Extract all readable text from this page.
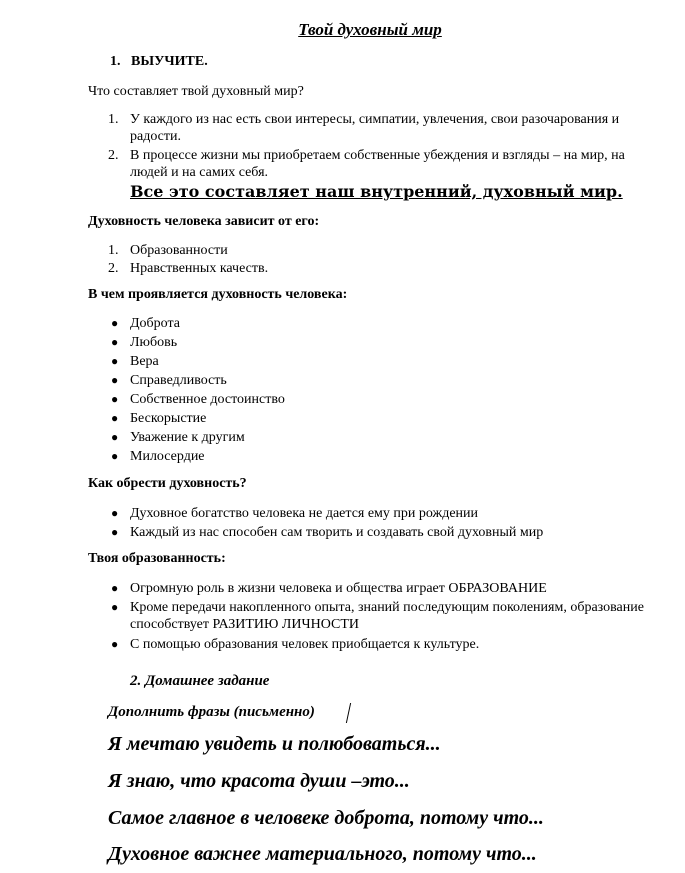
Твой духовный мир
1. ВЫУЧИТЕ.
Что составляет твой духовный мир?
1. У каждого из нас есть свои интересы, симпатии, увлечения, свои разочарования и радости.
2. В процессе жизни мы приобретаем собственные убеждения и взгляды – на мир, на людей и на самих себя.
Все это составляет наш внутренний, духовный мир.
Духовность человека зависит от его:
1. Образованности
2. Нравственных качеств.
В чем проявляется духовность человека:
● Доброта
● Любовь
● Вера
● Справедливость
● Собственное достоинство
● Бескорыстие
● Уважение к другим
● Милосердие
Как обрести духовность?
● Духовное богатство человека не дается ему при рождении
● Каждый из нас способен сам творить и создавать свой духовный мир
Твоя образованность:
● Огромную роль в жизни человека и общества играет ОБРАЗОВАНИЕ
● Кроме передачи накопленного опыта, знаний последующим поколениям, образование способствует РАЗИТИЮ ЛИЧНОСТИ
● С помощью образования человек приобщается к культуре.
2. Домашнее задание
Дополнить фразы (письменно)
Я мечтаю увидеть и полюбоваться...
Я знаю, что красота души –это...
Самое главное в человеке доброта, потому что...
Духовное важнее материального, потому что...
